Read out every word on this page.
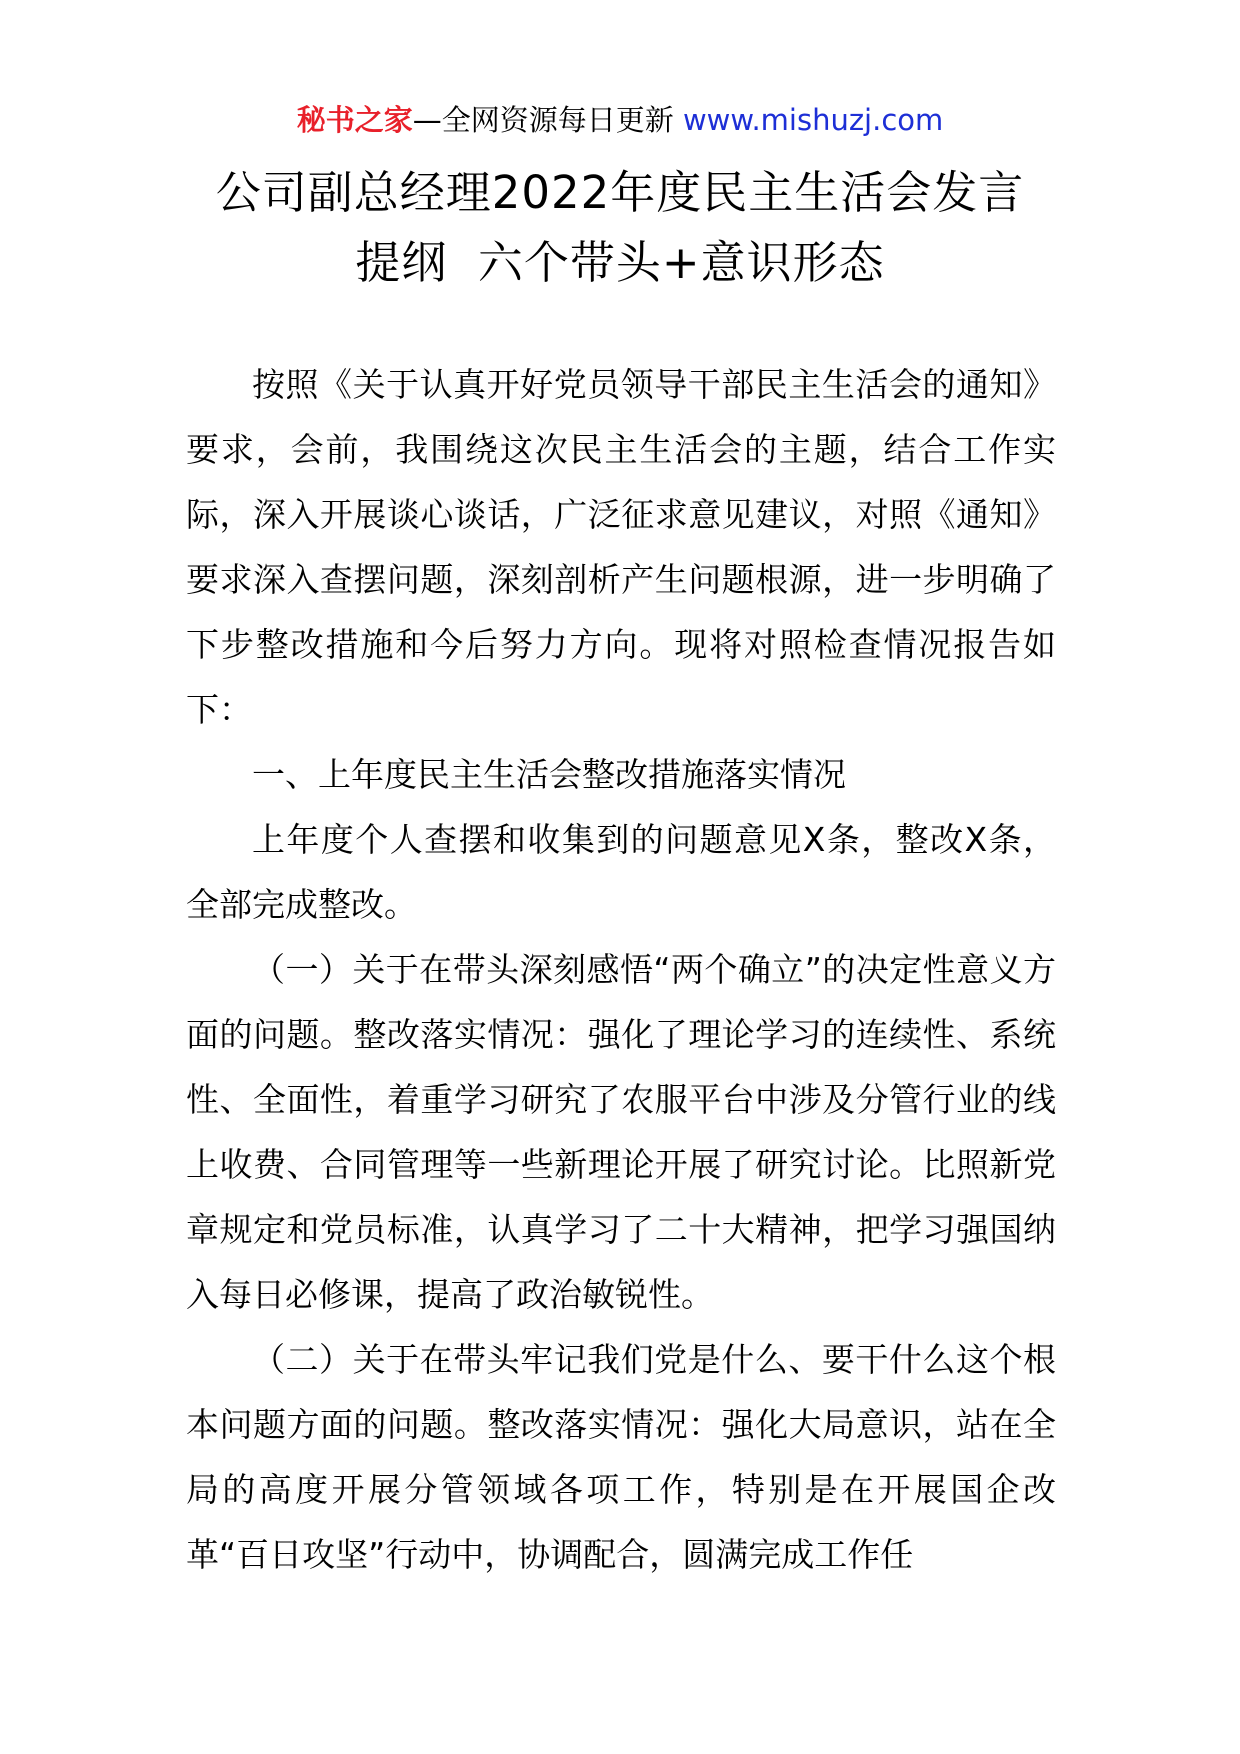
秘书之家—全网资源每日更新 www.mishuzj.com
公司副总经理2022年度民主生活会发言
提纲  六个带头+意识形态

按照《关于认真开好党员领导干部民主生活会的通知》要求，会前，我围绕这次民主生活会的主题，结合工作实际，深入开展谈心谈话，广泛征求意见建议，对照《通知》要求深入查摆问题，深刻剖析产生问题根源，进一步明确了下步整改措施和今后努力方向。现将对照检查情况报告如下：

一、上年度民主生活会整改措施落实情况

上年度个人查摆和收集到的问题意见X条，整改X条，全部完成整改。

（一）关于在带头深刻感悟“两个确立”的决定性意义方面的问题。整改落实情况：强化了理论学习的连续性、系统性、全面性，着重学习研究了农服平台中涉及分管行业的线上收费、合同管理等一些新理论开展了研究讨论。比照新党章规定和党员标准，认真学习了二十大精神，把学习强国纳入每日必修课，提高了政治敏锐性。

（二）关于在带头牢记我们党是什么、要干什么这个根本问题方面的问题。整改落实情况：强化大局意识，站在全局的高度开展分管领域各项工作，特别是在开展国企改革“百日攻坚”行动中，协调配合，圆满完成工作任
